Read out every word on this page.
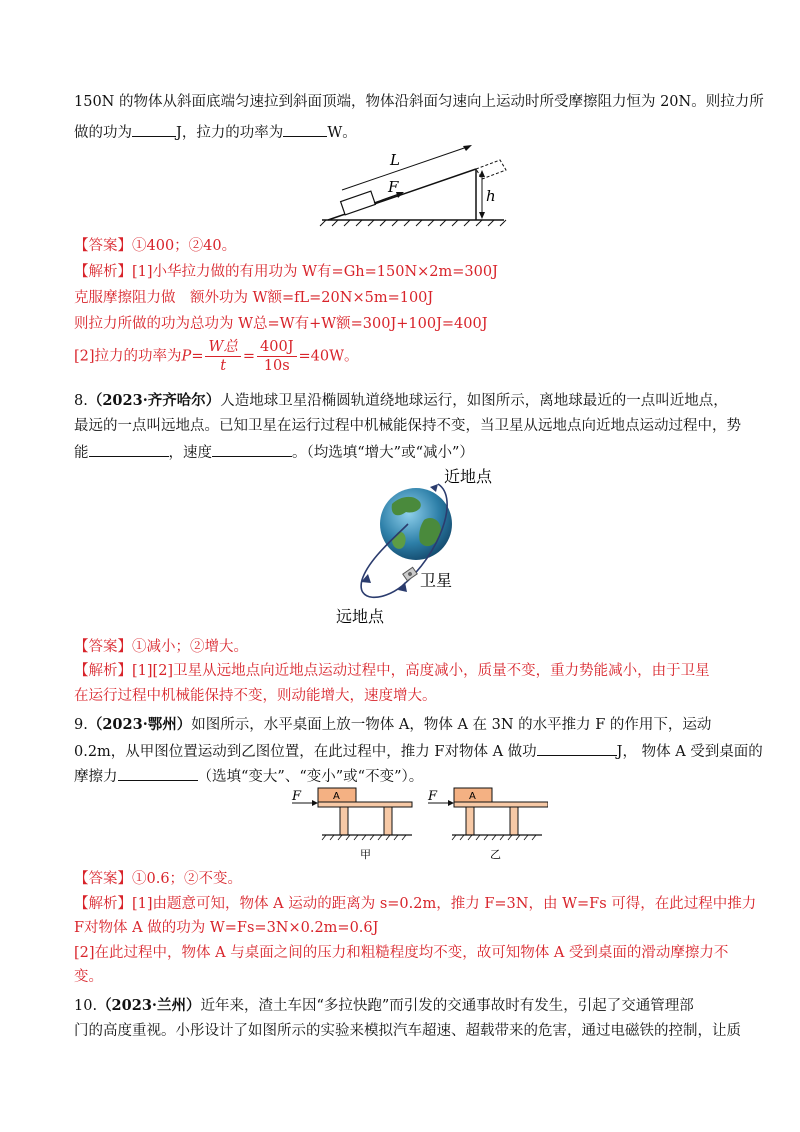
150N 的物体从斜面底端匀速拉到斜面顶端，物体沿斜面匀速向上运动时所受摩擦阻力恒为 20N。则拉力所
做的功为	J，拉力的功率为	W。
F
L
h
【答案】①400；②40。
【解析】[1]小华拉力做的有用功为 W有=Gh=150N×2m=300J
克服摩擦阻力做　额外功为 W额=fL=20N×5m=100J
则拉力所做的功为总功为 W总=W有+W额=300J+100J=400J
[2]拉力的功率为$P= \frac{\text{W总}}{t} = \frac{400J}{10s} =40W$。
8.（2023·齐齐哈尔）人造地球卫星沿椭圆轨道绕地球运行，如图所示，离地球最近的一点叫近地点，
最远的一点叫远地点。已知卫星在运行过程中机械能保持不变，当卫星从远地点向近地点运动过程中，势
能	，速度	。（均选填“增大”或“减小”）
近地点
卫星
远地点
【答案】①减小；②增大。
【解析】[1][2]卫星从远地点向近地点运动过程中，高度减小，质量不变，重力势能减小，由于卫星
在运行过程中机械能保持不变，则动能增大，速度增大。
9.（2023·鄂州）如图所示，水平桌面上放一物体 A，物体 A 在 3N 的水平推力 F 的作用下，运动
0.2m，从甲图位置运动到乙图位置，在此过程中，推力 F对物体 A 做功	J， 物体 A 受到桌面的
摩擦力	（选填“变大”、“变小”或“不变”）。
F	A
甲
F	A
乙
【答案】①0.6；②不变。
【解析】[1]由题意可知，物体 A 运动的距离为 s=0.2m，推力 F=3N，由 W=Fs 可得，在此过程中推力
F对物体 A 做的功为 W=Fs=3N×0.2m=0.6J
[2]在此过程中，物体 A 与桌面之间的压力和粗糙程度均不变，故可知物体 A 受到桌面的滑动摩擦力不
变。
10.（2023·兰州）近年来，渣土车因“多拉快跑”而引发的交通事故时有发生，引起了交通管理部
门的高度重视。小彤设计了如图所示的实验来模拟汽车超速、超载带来的危害，通过电磁铁的控制，让质
